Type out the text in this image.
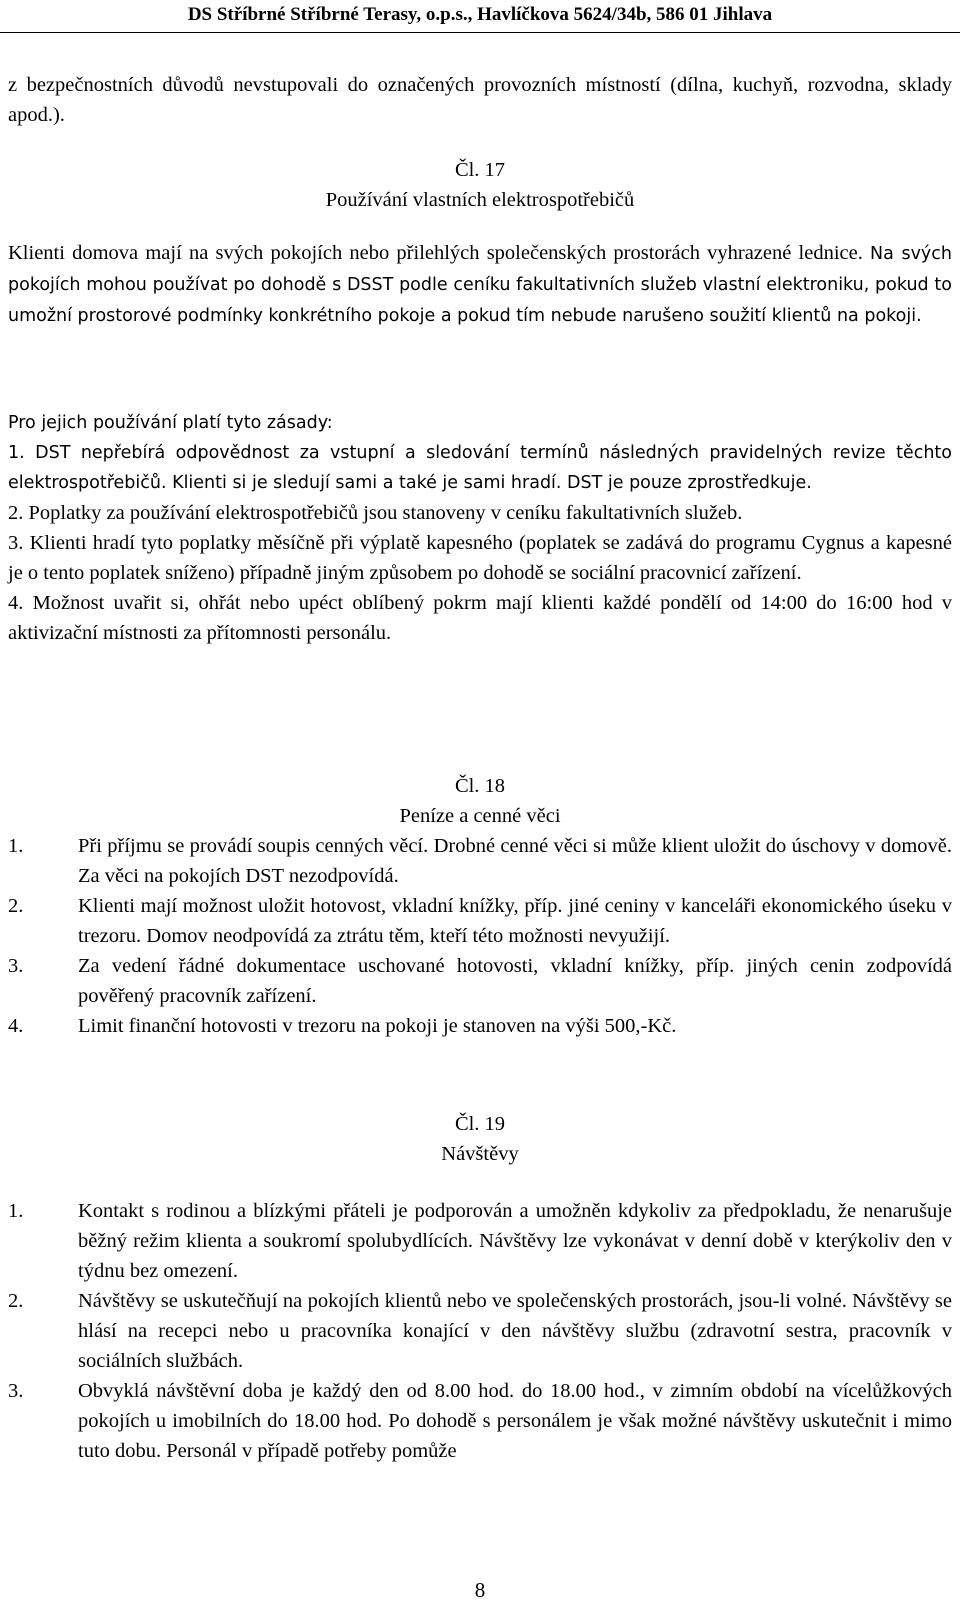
DS Stříbrné Stříbrné Terasy, o.p.s., Havlíčkova 5624/34b, 586 01 Jihlava

z bezpečnostních důvodů nevstupovali do označených provozních místností (dílna, kuchyň, rozvodna, sklady apod.).

Čl. 17

Používání vlastních elektrospotřebičů

Klienti domova mají na svých pokojích nebo přilehlých společenských prostorách vyhrazené lednice. Na svých pokojích mohou používat po dohodě s DSST podle ceníku fakultativních služeb vlastní elektroniku, pokud to umožní prostorové podmínky konkrétního pokoje a pokud tím nebude narušeno soužití klientů na pokoji.

Pro jejich používání platí tyto zásady:

1. DST nepřebírá odpovědnost za vstupní a sledování termínů následných pravidelných revize těchto elektrospotřebičů. Klienti si je sledují sami a také je sami hradí. DST je pouze zprostředkuje.
2. Poplatky za používání elektrospotřebičů jsou stanoveny v ceníku fakultativních služeb.
3. Klienti hradí tyto poplatky měsíčně při výplatě kapesného (poplatek se zadává do programu Cygnus a kapesné je o tento poplatek sníženo) případně jiným způsobem po dohodě se sociální pracovnicí zařízení.
4. Možnost uvařit si, ohřát nebo upéct oblíbený pokrm mají klienti každé pondělí od 14:00 do 16:00 hod v aktivizační místnosti za přítomnosti personálu.

Čl. 18

Peníze a cenné věci

1.	Při příjmu se provádí soupis cenných věcí. Drobné cenné věci si může klient uložit do úschovy v domově. Za věci na pokojích DST nezodpovídá.
2.	Klienti mají možnost uložit hotovost, vkladní knížky, příp. jiné ceniny v kanceláři ekonomického úseku v trezoru. Domov neodpovídá za ztrátu těm, kteří této možnosti nevyužijí.
3.	Za vedení řádné dokumentace uschované hotovosti, vkladní knížky, příp. jiných cenin zodpovídá pověřený pracovník zařízení.
4.	Limit finanční hotovosti v trezoru na pokoji je stanoven na výši 500,-Kč.

Čl. 19

Návštěvy

1.	Kontakt s rodinou a blízkými přáteli je podporován a umožněn kdykoliv za předpokladu, že nenarušuje běžný režim klienta a soukromí spolubydlících. Návštěvy lze vykonávat v denní době v kterýkoliv den v týdnu bez omezení.
2.	Návštěvy se uskutečňují na pokojích klientů nebo ve společenských prostorách, jsou-li volné. Návštěvy se hlásí na recepci nebo u pracovníka konající v den návštěvy službu (zdravotní sestra, pracovník v sociálních službách.
3.	Obvyklá návštěvní doba je každý den od 8.00 hod. do 18.00 hod., v zimním období na vícelůžkových pokojích u imobilních do 18.00 hod. Po dohodě s personálem je však možné návštěvy uskutečnit i mimo tuto dobu. Personál v případě potřeby pomůže
8
